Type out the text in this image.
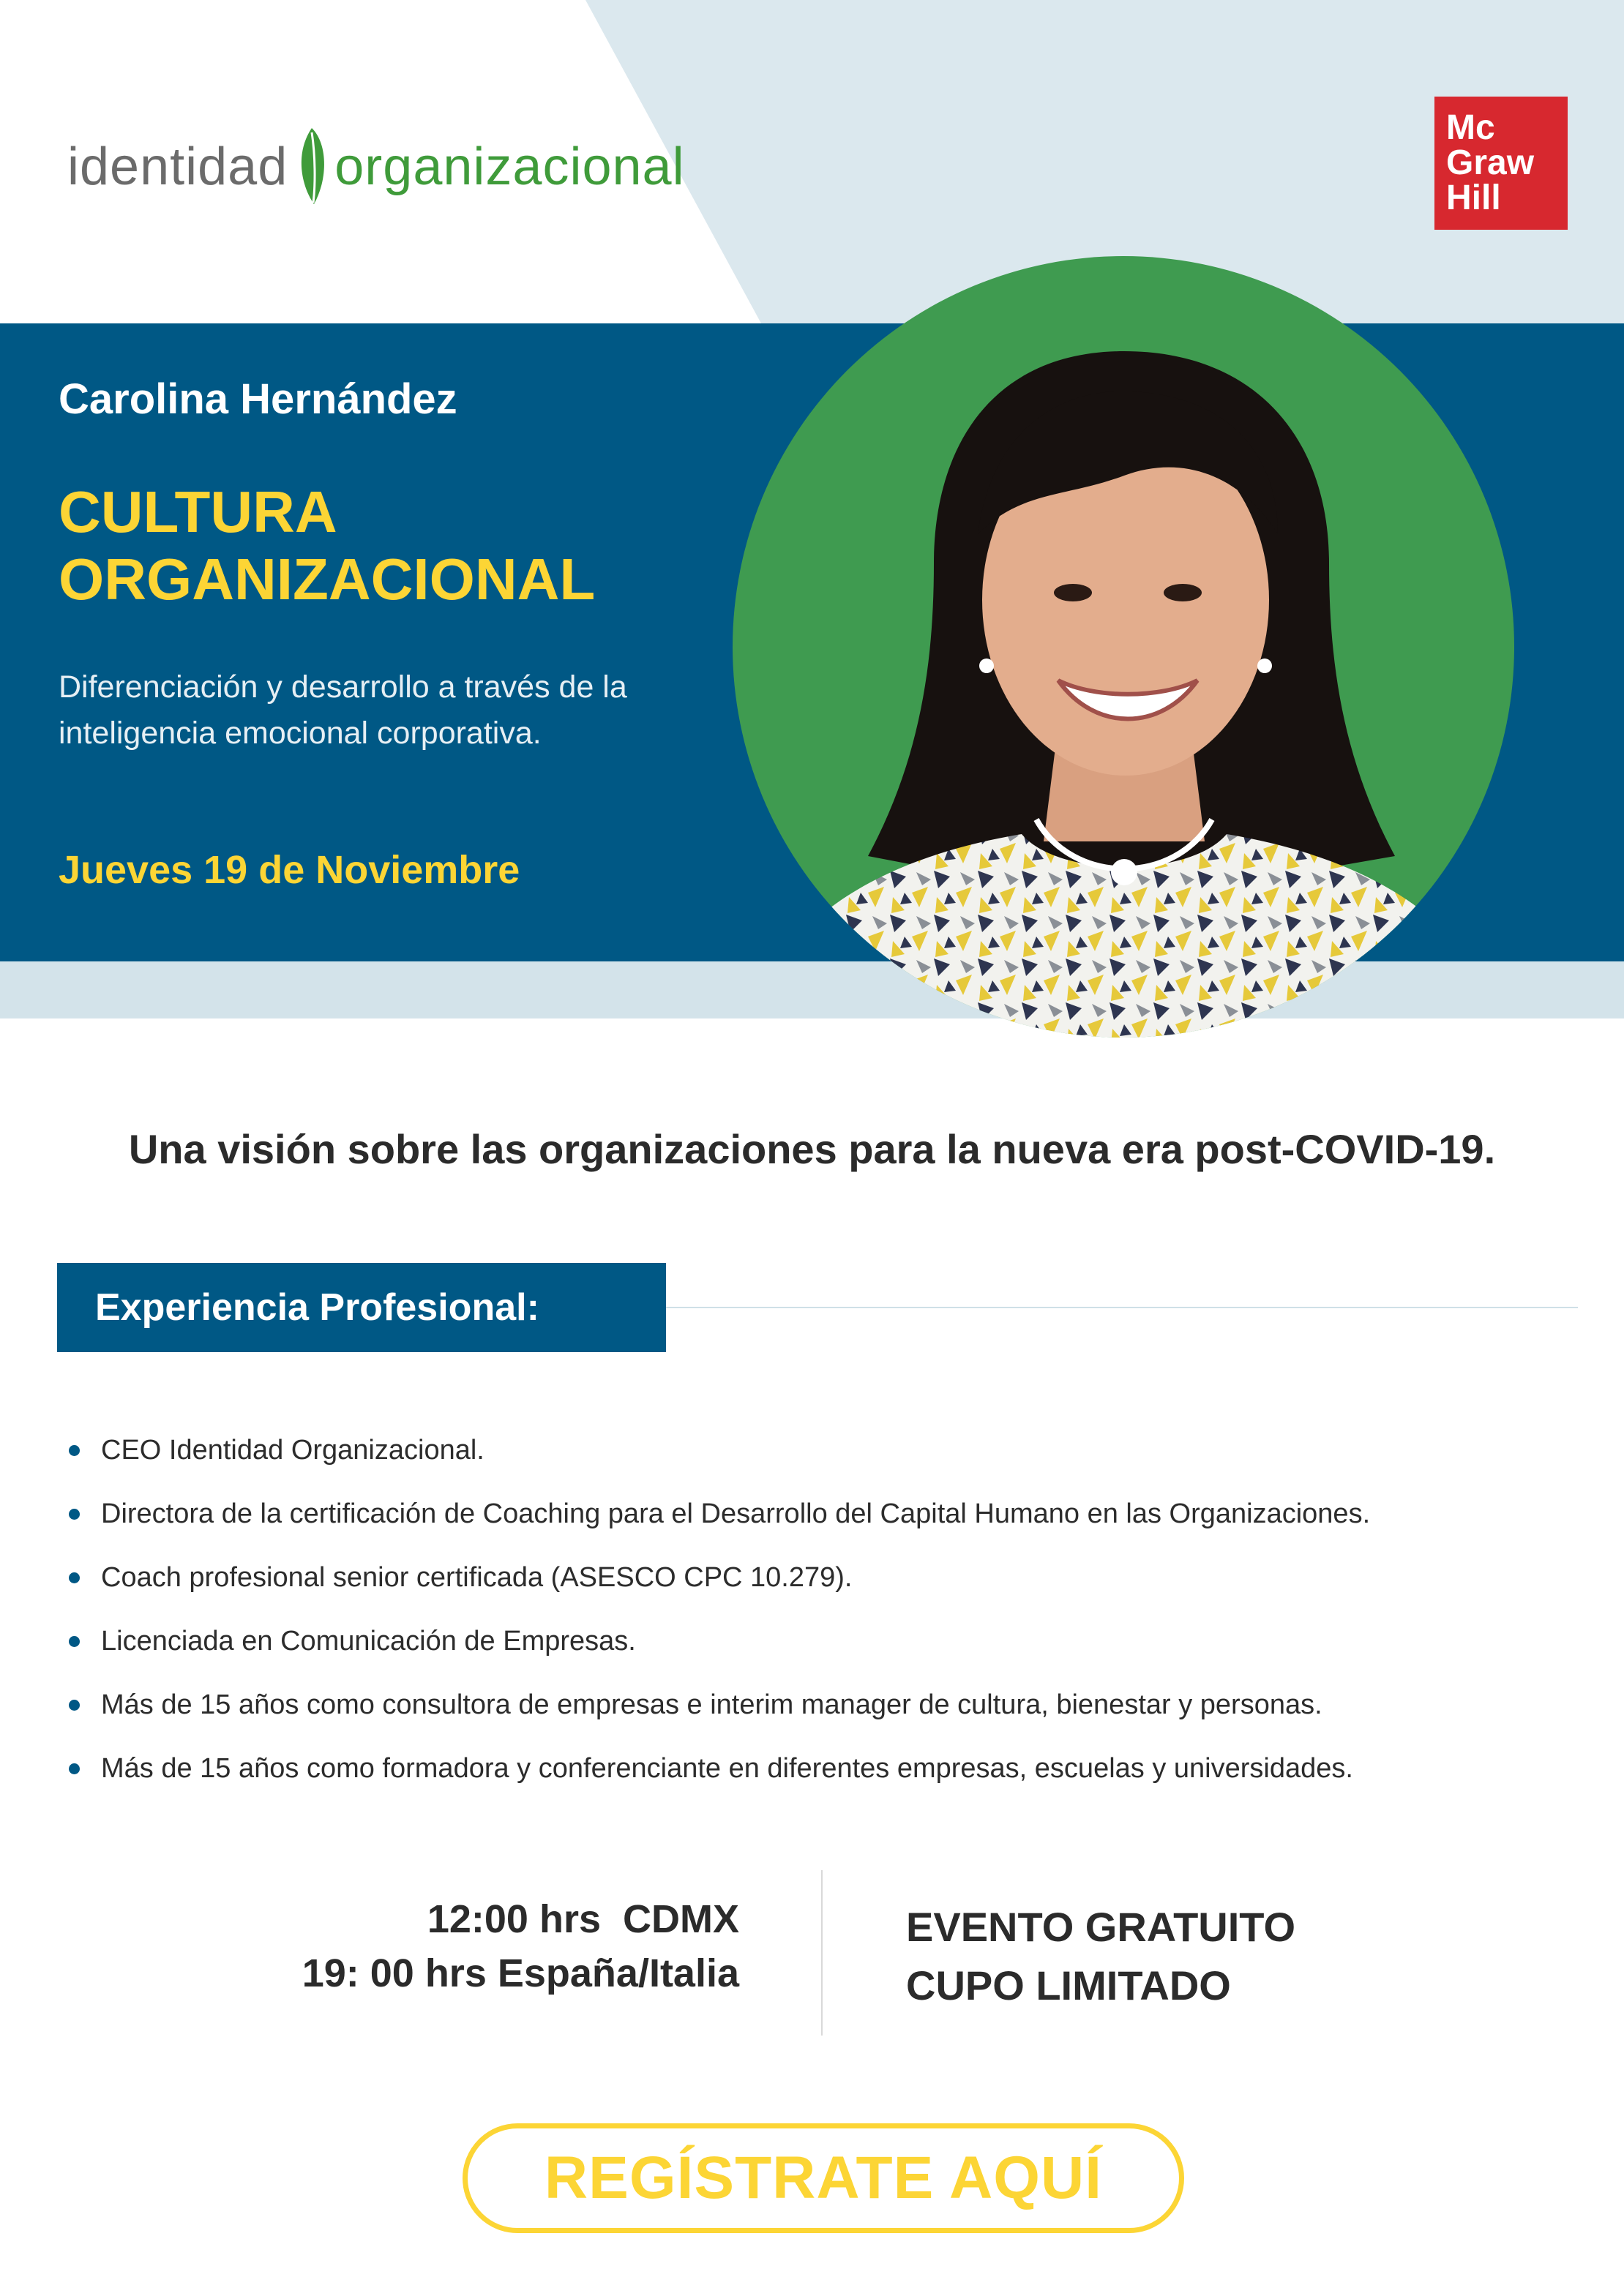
identidad organizacional
Mc
Graw
Hill
Carolina Hernández
CULTURA
ORGANIZACIONAL
Diferenciación y desarrollo a través de la inteligencia emocional corporativa.
Jueves 19 de Noviembre
Una visión sobre las organizaciones para la nueva era post-COVID-19.
Experiencia Profesional:
CEO Identidad Organizacional.
Directora de la certificación de Coaching para el Desarrollo del Capital Humano en las Organizaciones.
Coach profesional senior certificada (ASESCO CPC 10.279).
Licenciada en Comunicación de Empresas.
Más de 15 años como consultora de empresas e interim manager de cultura, bienestar y personas.
Más de 15 años como formadora y conferenciante en diferentes empresas, escuelas y universidades.
12:00 hrs  CDMX
19: 00 hrs España/Italia
EVENTO GRATUITO
CUPO LIMITADO
REGÍSTRATE AQUÍ
